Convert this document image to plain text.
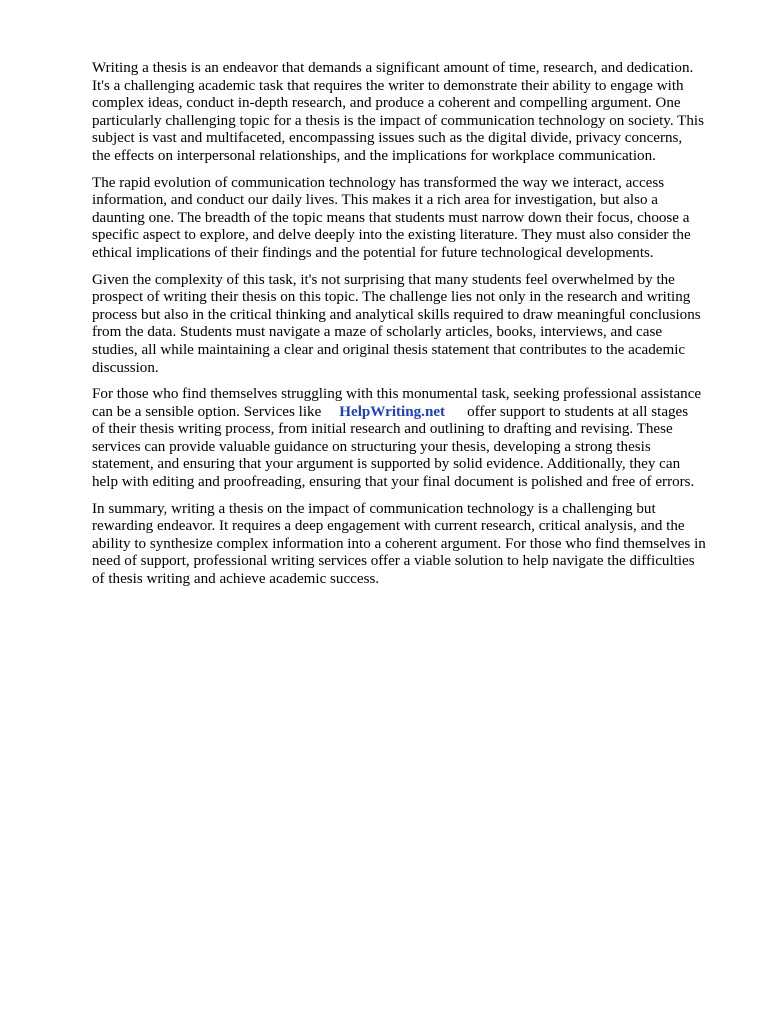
Writing a thesis is an endeavor that demands a significant amount of time, research, and dedication.
It's a challenging academic task that requires the writer to demonstrate their ability to engage with
complex ideas, conduct in-depth research, and produce a coherent and compelling argument. One
particularly challenging topic for a thesis is the impact of communication technology on society. This
subject is vast and multifaceted, encompassing issues such as the digital divide, privacy concerns,
the effects on interpersonal relationships, and the implications for workplace communication.

The rapid evolution of communication technology has transformed the way we interact, access
information, and conduct our daily lives. This makes it a rich area for investigation, but also a
daunting one. The breadth of the topic means that students must narrow down their focus, choose a
specific aspect to explore, and delve deeply into the existing literature. They must also consider the
ethical implications of their findings and the potential for future technological developments.

Given the complexity of this task, it's not surprising that many students feel overwhelmed by the
prospect of writing their thesis on this topic. The challenge lies not only in the research and writing
process but also in the critical thinking and analytical skills required to draw meaningful conclusions
from the data. Students must navigate a maze of scholarly articles, books, interviews, and case
studies, all while maintaining a clear and original thesis statement that contributes to the academic
discussion.

For those who find themselves struggling with this monumental task, seeking professional assistance
can be a sensible option. Services like HelpWriting.net offer support to students at all stages
of their thesis writing process, from initial research and outlining to drafting and revising. These
services can provide valuable guidance on structuring your thesis, developing a strong thesis
statement, and ensuring that your argument is supported by solid evidence. Additionally, they can
help with editing and proofreading, ensuring that your final document is polished and free of errors.

In summary, writing a thesis on the impact of communication technology is a challenging but
rewarding endeavor. It requires a deep engagement with current research, critical analysis, and the
ability to synthesize complex information into a coherent argument. For those who find themselves in
need of support, professional writing services offer a viable solution to help navigate the difficulties
of thesis writing and achieve academic success.
